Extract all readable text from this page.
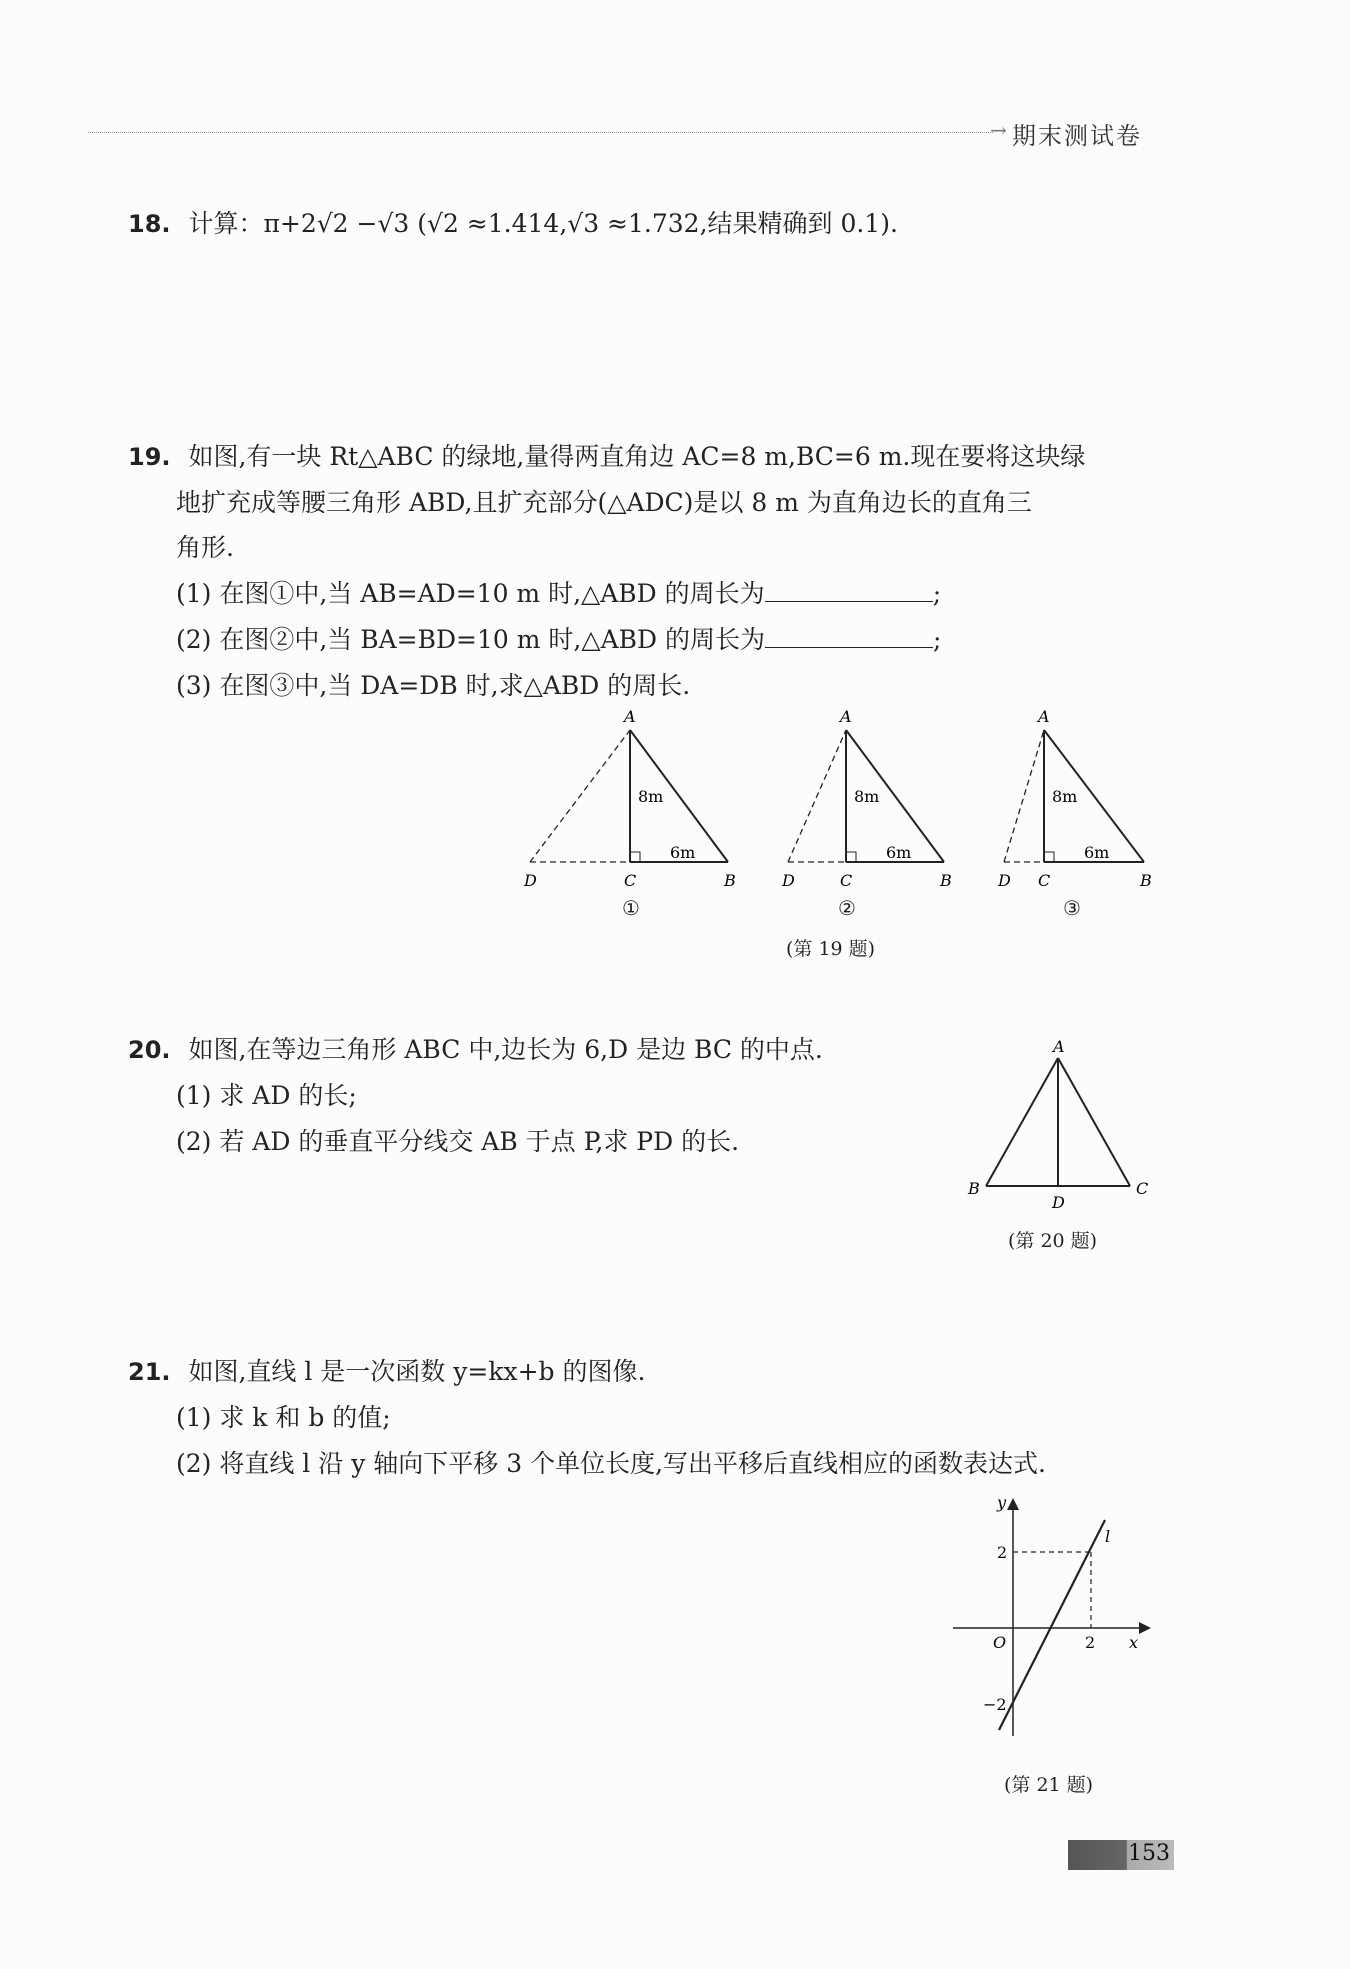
→ 期末测试卷
18. 计算：π+2√2 −√3 (√2 ≈1.414,√3 ≈1.732,结果精确到 0.1).
19. 如图,有一块 Rt△ABC 的绿地,量得两直角边 AC=8 m,BC=6 m.现在要将这块绿
地扩充成等腰三角形 ABD,且扩充部分(△ADC)是以 8 m 为直角边长的直角三
角形.
(1) 在图①中,当 AB=AD=10 m 时,△ABD 的周长为	;
(2) 在图②中,当 BA=BD=10 m 时,△ABD 的周长为	;
(3) 在图③中,当 DA=DB 时,求△ABD 的周长.
A
D	C	B
8m
6m
A
D	C	B
8m
6m
A
D C	B
8m
6m
①	②	③
(第 19 题)
20. 如图,在等边三角形 ABC 中,边长为 6,D 是边 BC 的中点.
(1) 求 AD 的长;
(2) 若 AD 的垂直平分线交 AB 于点 P,求 PD 的长.
A
B	C
D
(第 20 题)
21. 如图,直线 l 是一次函数 y=kx+b 的图像.
(1) 求 k 和 b 的值;
(2) 将直线 l 沿 y 轴向下平移 3 个单位长度,写出平移后直线相应的函数表达式.
y
x
O
l
2
2
−2
(第 21 题)
153
